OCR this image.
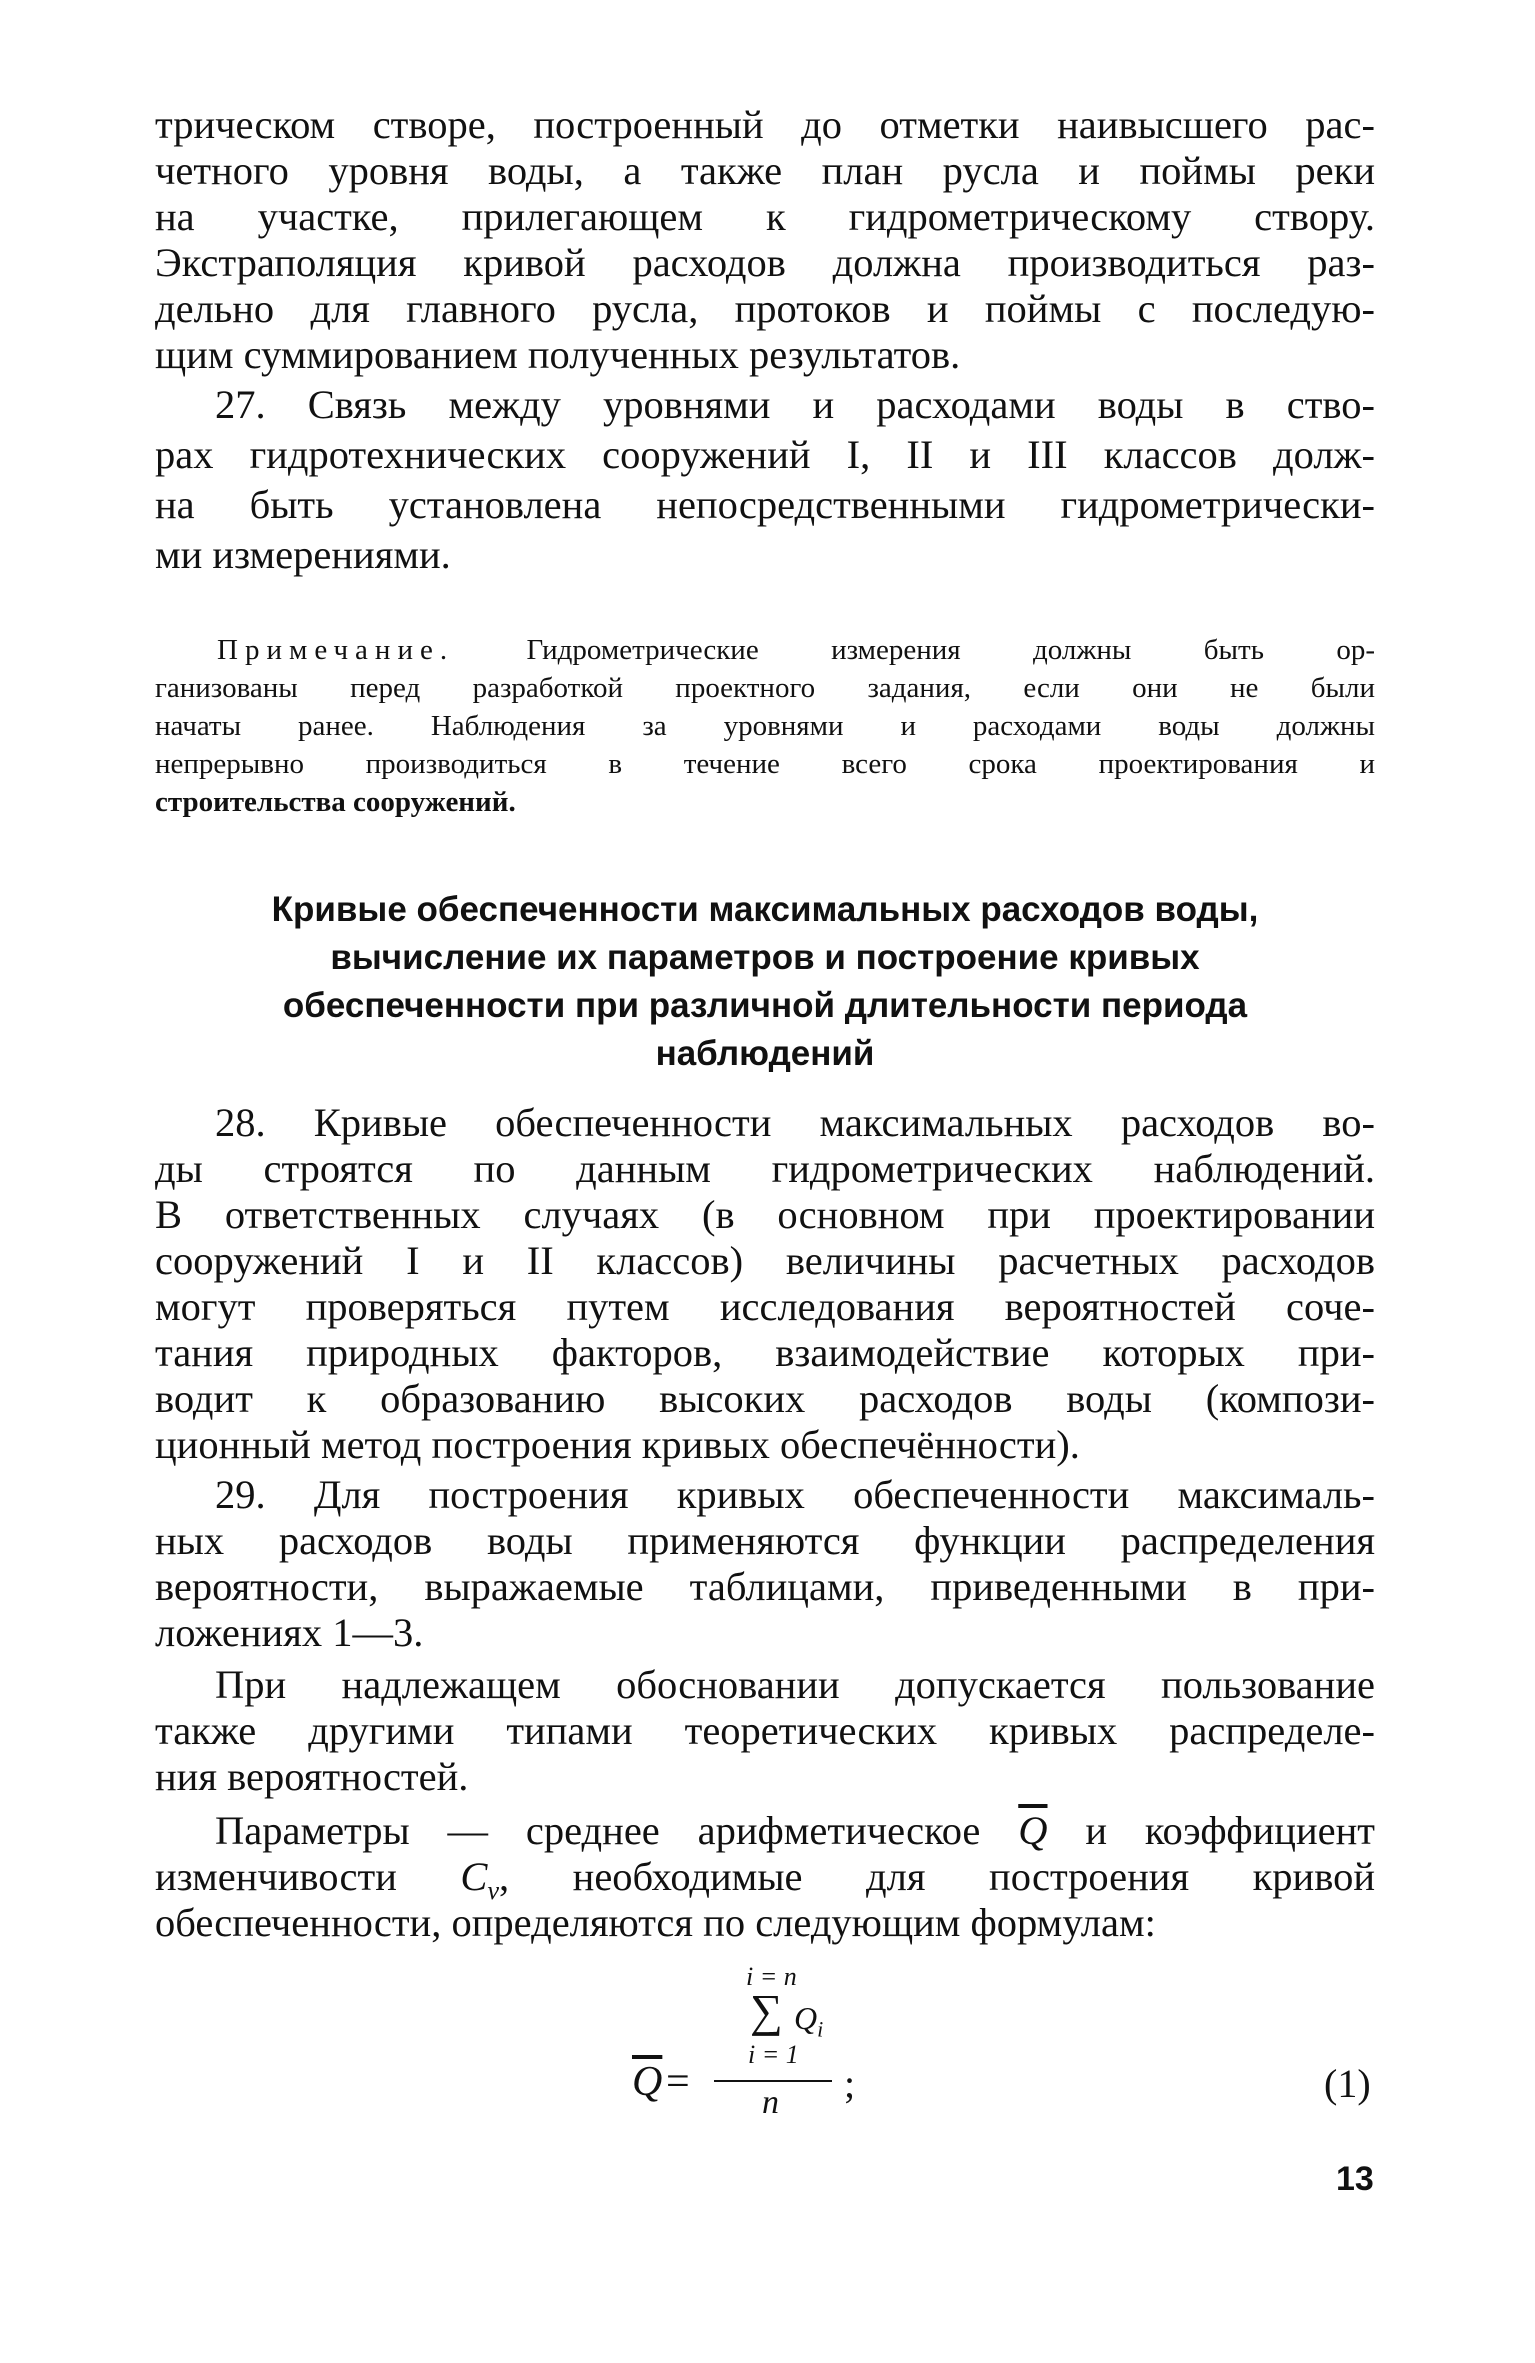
трическом створе, построенный до отметки наивысшего рас-
четного уровня воды, а также план русла и поймы реки
на участке, прилегающем к гидрометрическому створу.
Экстраполяция кривой расходов должна производиться раз-
дельно для главного русла, протоков и поймы с последую-
щим суммированием полученных результатов.
27. Связь между уровнями и расходами воды в ство-
рах гидротехнических сооружений I, II и III классов долж-
на быть установлена непосредственными гидрометрически-
ми измерениями.
Примечание. Гидрометрические измерения должны быть ор-
ганизованы перед разработкой проектного задания, если они не были
начаты ранее. Наблюдения за уровнями и расходами воды должны
непрерывно производиться в течение всего срока проектирования и
строительства сооружений.
Кривые обеспеченности максимальных расходов воды,
вычисление их параметров и построение кривых
обеспеченности при различной длительности периода
наблюдений
28. Кривые обеспеченности максимальных расходов во-
ды строятся по данным гидрометрических наблюдений.
В ответственных случаях (в основном при проектировании
сооружений I и II классов) величины расчетных расходов
могут проверяться путем исследования вероятностей соче-
тания природных факторов, взаимодействие которых при-
водит к образованию высоких расходов воды (компози-
ционный метод построения кривых обеспечённости).
29. Для построения кривых обеспеченности максималь-
ных расходов воды применяются функции распределения
вероятности, выражаемые таблицами, приведенными в при-
ложениях 1—3.
При надлежащем обосновании допускается пользование
также другими типами теоретических кривых распределе-
ния вероятностей.
Параметры — среднее арифметическое $\overline{Q}$ и коэффициент
изменчивости $C_v$, необходимые для построения кривой
обеспеченности, определяются по следующим формулам:
i = n
∑ $Q_i$
i = 1
$\overline{Q} = n$ ;	(1)
13
